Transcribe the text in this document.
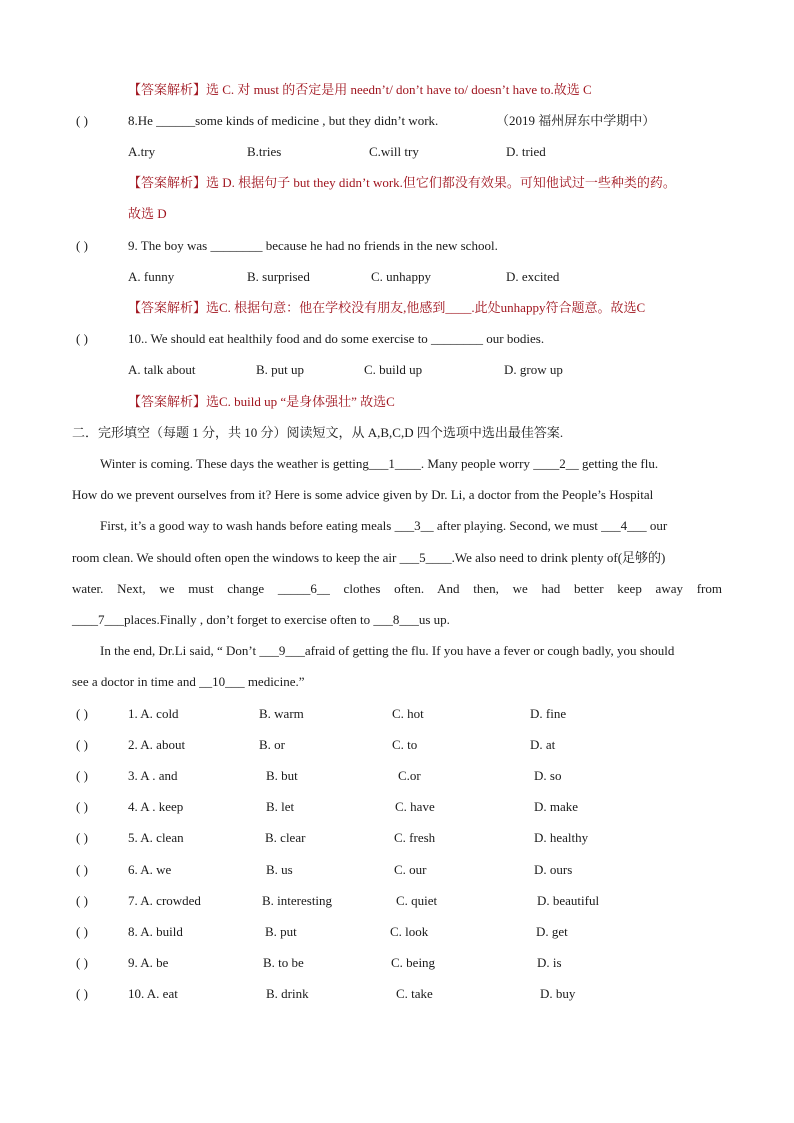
【答案解析】选 C. 对 must 的否定是用 needn’t/ don’t have to/ doesn’t have to.故选 C
( )	8.He ______some kinds of medicine , but they didn’t work.	（2019 福州屏东中学期中）
A.try	B.tries	C.will try	D. tried
【答案解析】选 D. 根据句子 but they didn’t work.但它们都没有效果。可知他试过一些种类的药。
故选 D
( )	9. The boy was ________ because he had no friends in the new school.
A. funny	B. surprised	C. unhappy	D. excited
【答案解析】选C. 根据句意：他在学校没有朋友,他感到____.此处unhappy符合题意。故选C
( )	10.. We should eat healthily food and do some exercise to ________ our bodies.
A. talk about	B. put up	C. build up	D. grow up
【答案解析】选C. build up “是身体强壮” 故选C
二．完形填空（每题 1 分，共 10 分）阅读短文，从 A,B,C,D 四个选项中选出最佳答案.
Winter is coming. These days the weather is getting___1____. Many people worry ____2__ getting the flu.
How do we prevent ourselves from it? Here is some advice given by Dr. Li, a doctor from the People’s Hospital
First, it’s a good way to wash hands before eating meals ___3__ after playing. Second, we must ___4___ our
room clean. We should often open the windows to keep the air ___5____.We also need to drink plenty of(足够的)
water. Next, we must change _____6__ clothes often. And then, we had better keep away from
____7___places.Finally , don’t forget to exercise often to ___8___us up.
In the end, Dr.Li said, “ Don’t ___9___afraid of getting the flu. If you have a fever or cough badly, you should
see a doctor in time and __10___ medicine.”
( )	1. A. cold	B. warm	C. hot	D. fine
( )	2. A. about	B. or	C. to	D. at
( )	3. A . and	B. but	C.or	D. so
( )	4. A . keep	B. let	C. have	D. make
( )	5. A. clean	B. clear	C. fresh	D. healthy
( )	6. A. we	B. us	C. our	D. ours
( )	7. A. crowded	B. interesting	C. quiet	D. beautiful
( )	8. A. build	B. put	C. look	D. get
( )	9. A. be	B. to be	C. being	D. is
( )	10. A. eat	B. drink	C. take	D. buy
